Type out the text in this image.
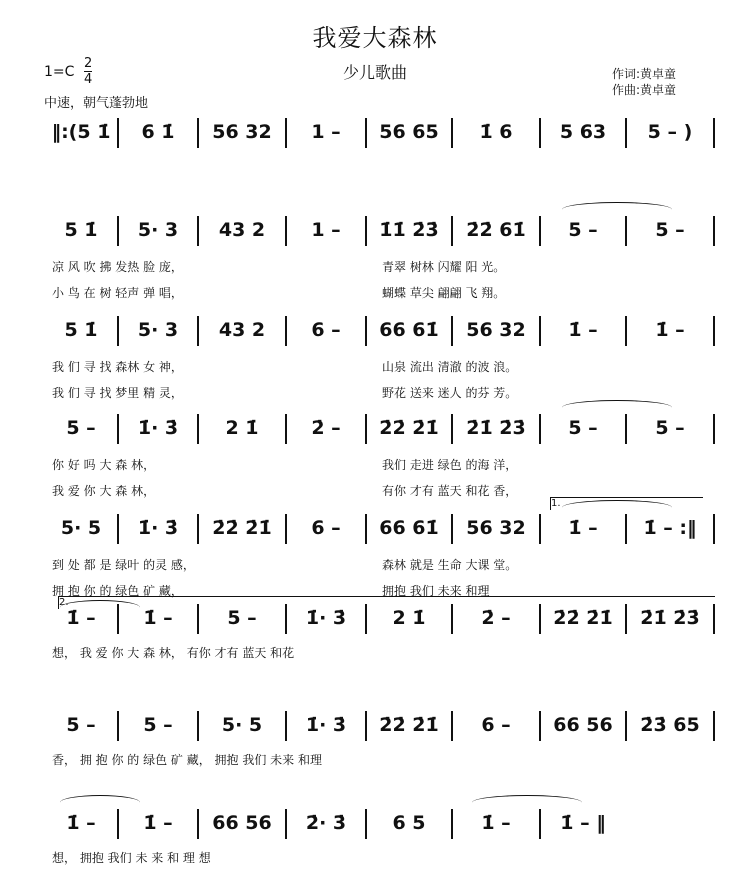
我爱大森林
少儿歌曲
$1=C \frac{2}{4}$
中速，朝气蓬勃地
作词:黄卓童
作曲:黄卓童
‖:(5 1̇	6 1̇	56 32	1 –	56 65	1̇ 6	5 63	5 – )
5 1̇	5· 3	43 2	1 –	1̇1̇ 2̇3̇	2̇2̇ 61̇	5 –	5 –
凉 风 吹 拂 发热 脸 庞，	青翠 树林 闪耀 阳 光。
小 鸟 在 树 轻声 弹 唱，	蝴蝶 草尖 翩翩 飞 翔。
5 1̇	5· 3	43 2	6 –	66 61̇	56 32	1̇ –	1̇ –
我 们 寻 找 森林 女 神，	山泉 流出 清澈 的波 浪。
我 们 寻 找 梦里 精 灵，	野花 送来 迷人 的芬 芳。
5 –	1̇· 3̇	2 1̇	2̇ –	2̇2̇ 2̇1̇	2̇1̇ 2̇3̇	5 –	5 –
你 好 吗 大 森 林，	我们 走进 绿色 的海 洋，
我 爱 你 大 森 林，	有你 才有 蓝天 和花 香，
5· 5	1̇· 3̇	2̇2̇ 2̇1̇	6 –	66 61̇	56 32	1̇ –	1̇ – :‖
到 处 都 是 绿叶 的灵 感，	森林 就是 生命 大课 堂。
拥 抱 你 的 绿色 矿 藏，	拥抱 我们 未来 和理
1̇ –	1̇ –	5 –	1̇· 3̇	2 1̇	2̇ –	2̇2̇ 2̇1̇	2̇1̇ 2̇3̇
想， 我 爱 你 大 森 林， 有你 才有 蓝天 和花
5 –	5 –	5· 5	1̇· 3̇	2̇2̇ 2̇1̇	6 –	66 56	2̇3̇ 65
香， 拥 抱 你 的 绿色 矿 藏， 拥抱 我们 未来 和理
1̇ –	1̇ –	66 56	2̇· 3̇	6 5	1̇ –	1̇ – ‖
想， 拥抱 我们 未 来 和 理 想
1.
2.
